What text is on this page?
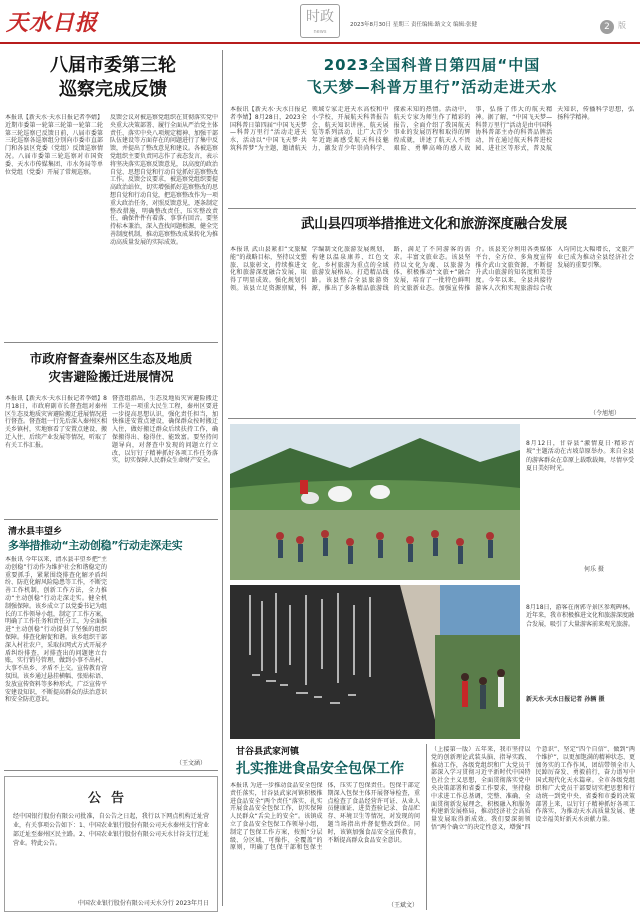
天水日报	时政
news
2023年8月30日 星期三 责任编辑:路文文 编辑:张健	2	版
八届市委第三轮
巡察完成反馈
本报讯【新天水·天水日报记者李婧】近期市委第一轮第三轮第一轮第二轮第三轮巡察已反馈日前，八届市委第三轮巡察各巡察组分别向市委市直部门和各县区党委（党组）反馈巡察情况。八届市委第三轮巡察对市国资委、天水市传媒集团、市水务局等单位党组（党委）开展了常规巡察。
反馈会议对被巡察党组织在贯彻落实党中央重大决策部署、履行全面从严治党主体责任、落实中央八项规定精神、加强干部队伍建设等方面存在的问题进行了集中反馈，并提出了整改意见和建议。各被巡察党组织主要负责同志作了表态发言，表示将坚决落实巡察反馈意见，以高度的政治自觉、思想自觉和行动自觉抓好巡察整改工作。反馈会议要求，被巡察党组织要提高政治站位，切实增强抓好巡察整改的思想自觉和行动自觉，把巡察整改作为一项重大政治任务，对照反馈意见，逐条制定整改措施，明确整改责任，压实整改责任，确保件件有着落、事事有回音。要坚持标本兼治，深入查找问题根源，健全完善制度机制，推动巡察整改成果转化为推动高质量发展的实际成效。
市政府督查秦州区生态及地质
灾害避险搬迁进展情况
本报讯【新天水·天水日报记者李婧】8月18日，市政府副市长督查组对秦州区生态及地质灾害避险搬迁进展情况进行督查。督查组一行先后深入秦州区相关乡镇村，实地察看了安置点建设、搬迁入住、后续产业发展等情况，听取了有关工作汇报。
督查组指出，生态及地质灾害避险搬迁工作是一项重大民生工程，秦州区要进一步提高思想认识，强化责任担当，加快推进安置点建设，确保群众按时搬迁入住，做好搬迁群众后续扶持工作，确保搬得出、稳得住、能致富。要坚持问题导向，对督查中发现的问题立行立改，以钉钉子精神抓好各项工作任务落实，切实保障人民群众生命财产安全。
清水县丰望乡
多举措推动“主动创稳”行动走深走实
本报讯 今年以来，清水县丰望乡把“主动创稳”行动作为维护社会和谐稳定的重要抓手，紧紧围绕排查化解矛盾纠纷、防范化解风险隐患等工作，不断完善工作机制，创新工作方法，全力推动“主动创稳”行动走深走实。健全机制强保障。该乡成立了以党委书记为组长的工作领导小组，制定了工作方案，明确了工作任务和责任分工，为全面推进“主动创稳”行动提供了坚强的组织保障。排查化解促和谐。该乡组织干部深入村社农户，采取拉网式方式开展矛盾纠纷排查，对排查出的问题建立台账，实行销号管理，做到小事不出村、大事不出乡、矛盾不上交。宣传教育营氛围。该乡通过悬挂横幅、张贴标语、发放宣传资料等多种形式，广泛宣传平安建设知识，不断提高群众的法治意识和安全防范意识。
（王文涵）
2023全国科普日第四届“中国
飞天梦—科普万里行”活动走进天水
本报讯【新天水·天水日报记者李婧】8月28日，2023全国科普日第四届“中国飞天梦—科普万里行”活动走进天水，活动以“中国飞天梦·共筑科普梦”为主题，邀请航天领域专家走进天水高校和中小学校，开展航天科普报告会、航天知识讲座、航天展览等系列活动，让广大青少年近距离感受航天科技魅力，激发青少年崇尚科学、探索未知的热情。活动中，航天专家为师生作了精彩的报告，全面介绍了我国航天事业的发展历程和取得的辉煌成就，讲述了航天人不畏艰险、勇攀高峰的感人故事，弘扬了伟大的航天精神。据了解，“中国飞天梦—科普万里行”活动是由中国科协科普部主办的科普品牌活动，旨在通过航天科普进校园、进社区等形式，普及航天知识，传播科学思想，弘扬科学精神。
武山县四项举措推进文化和旅游深度融合发展
本报讯 武山县紧扣“文旅赋能”的战略目标，坚持以文塑旅、以旅彰文，持续推进文化和旅游深度融合发展，取得了明显成效。强化规划引领。该县立足资源禀赋，科学编制文化旅游发展规划，构建以温泉康养、红色文化、乡村旅游为重点的全域旅游发展格局。打造精品线路。该县整合全县旅游资源，推出了多条精品旅游线路，满足了不同游客的需求。丰富文旅业态。该县坚持以文化为魂、以旅游为体，积极推动“文旅+”融合发展，培育了一批特色鲜明的文旅新业态。加强宣传推介。该县充分利用各类媒体平台，全方位、多角度宣传推介武山文旅资源，不断提升武山旅游的知名度和美誉度。今年以来，全县共接待游客人次和实现旅游综合收入均同比大幅增长，文旅产业已成为推动全县经济社会发展的重要引擎。
（令旭旭）
8月12日，甘谷县“激情夏日·精彩古坡”主题活动在古坡草原举办。来自全县的游客群众在草原上载歌载舞，尽情享受夏日美好时光。
何乐 摄
8月18日，游客在南郭寺景区参观碑林。近年来，我市积极推进文化和旅游深度融合发展，吸引了大量游客前来观光旅游。
新天水·天水日报记者 孙辆 摄
甘谷县武家河镇
扎实推进食品安全包保工作
本报讯 为进一步推动食品安全包保责任落实，甘谷县武家河镇积极推进食品安全“两个责任”落实，扎实开展食品安全包保工作，切实保障人民群众“舌尖上的安全”。该镇成立了食品安全包保工作领导小组，制定了包保工作方案，按照“分层级、分区域、可操作、全覆盖”的原则，明确了包保干部和包保主体，压实了包保责任。包保干部定期深入包保主体开展督导检查，重点检查了食品经营许可证、从业人员健康证、进货查验记录、食品贮存、环境卫生等情况，对发现的问题当场指出并督促整改到位。同时，该镇加强食品安全宣传教育，不断提高群众食品安全意识。
（王斌文）
（上接第一版）五年来，我市坚持以党的创新理论武装头脑、指导实践、推动工作，各级党组织和广大党员干部深入学习贯彻习近平新时代中国特色社会主义思想，全面贯彻落实党中央决策部署和省委工作要求，坚持稳中求进工作总基调，完整、准确、全面贯彻新发展理念，积极融入和服务构建新发展格局，推动经济社会高质量发展取得新成效。我们要深刻领悟“两个确立”的决定性意义，增强“四个意识”、坚定“四个自信”、做到“两个维护”，以更加饱满的精神状态、更加务实的工作作风，团结带领全市人民踔厉奋发、勇毅前行，奋力谱写中国式现代化天水篇章。全市各级党组织和广大党员干部要切实把思想和行动统一到党中央、省委和市委的决策部署上来，以钉钉子精神抓好各项工作落实，为推动天水高质量发展、建设幸福美好新天水贡献力量。
公告
经中国银行股份有限公司批准，自公告之日起，我行以下网点机构迁址营业，有关事项公告如下：1、中国农业银行股份有限公司天水秦州支行营业部迁址至秦州区民主路。2、中国农业银行股份有限公司天水甘谷支行迁址营业。特此公告。
中国农业银行股份有限公司天水分行 2023年月日
